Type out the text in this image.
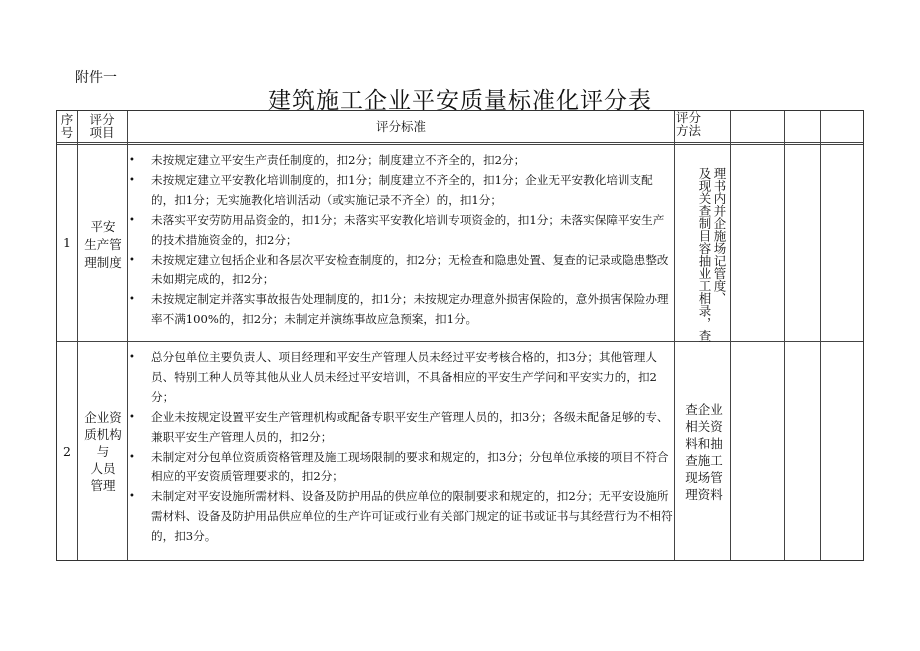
附件一
建筑施工企业平安质量标准化评分表
序
号
评分
项目	评分标准
评分
方法
1
平安
生产管
理制度
• 未按规定建立平安生产责任制度的，扣2分；制度建立不齐全的，扣2分；
• 未按规定建立平安教化培训制度的，扣1分；制度建立不齐全的，扣1分；企业无平安教化培训支配的，扣1分；无实施教化培训活动（或实施记录不齐全）的，扣1分；
• 未落实平安劳防用品资金的，扣1分；未落实平安教化培训专项资金的，扣1分；未落实保障平安生产的技术措施资金的，扣2分；
• 未按规定建立包括企业和各层次平安检查制度的，扣2分；无检查和隐患处置、复查的记录或隐患整改未如期完成的，扣2分；
• 未按规定制定并落实事故报告处理制度的，扣1分；未按规定办理意外损害保险的，意外损害保险办理率不满100%的，扣2分；未制定并演练事故应急预案，扣1分。
理书内并企施场记管度、
及现关查制目容抽业工相录，查
2
企业资
质机构
与
人员
管理
• 总分包单位主要负责人、项目经理和平安生产管理人员未经过平安考核合格的，扣3分；其他管理人员、特别工种人员等其他从业人员未经过平安培训，不具备相应的平安生产学问和平安实力的，扣2分；
• 企业未按规定设置平安生产管理机构或配备专职平安生产管理人员的，扣3分；各级未配备足够的专、兼职平安生产管理人员的，扣2分；
• 未制定对分包单位资质资格管理及施工现场限制的要求和规定的，扣3分；分包单位承接的项目不符合相应的平安资质管理要求的，扣2分；
• 未制定对平安设施所需材料、设备及防护用品的供应单位的限制要求和规定的，扣2分；无平安设施所需材料、设备及防护用品供应单位的生产许可证或行业有关部门规定的证书或证书与其经营行为不相符的，扣3分。
查企业
相关资
料和抽
查施工
现场管
理资料
